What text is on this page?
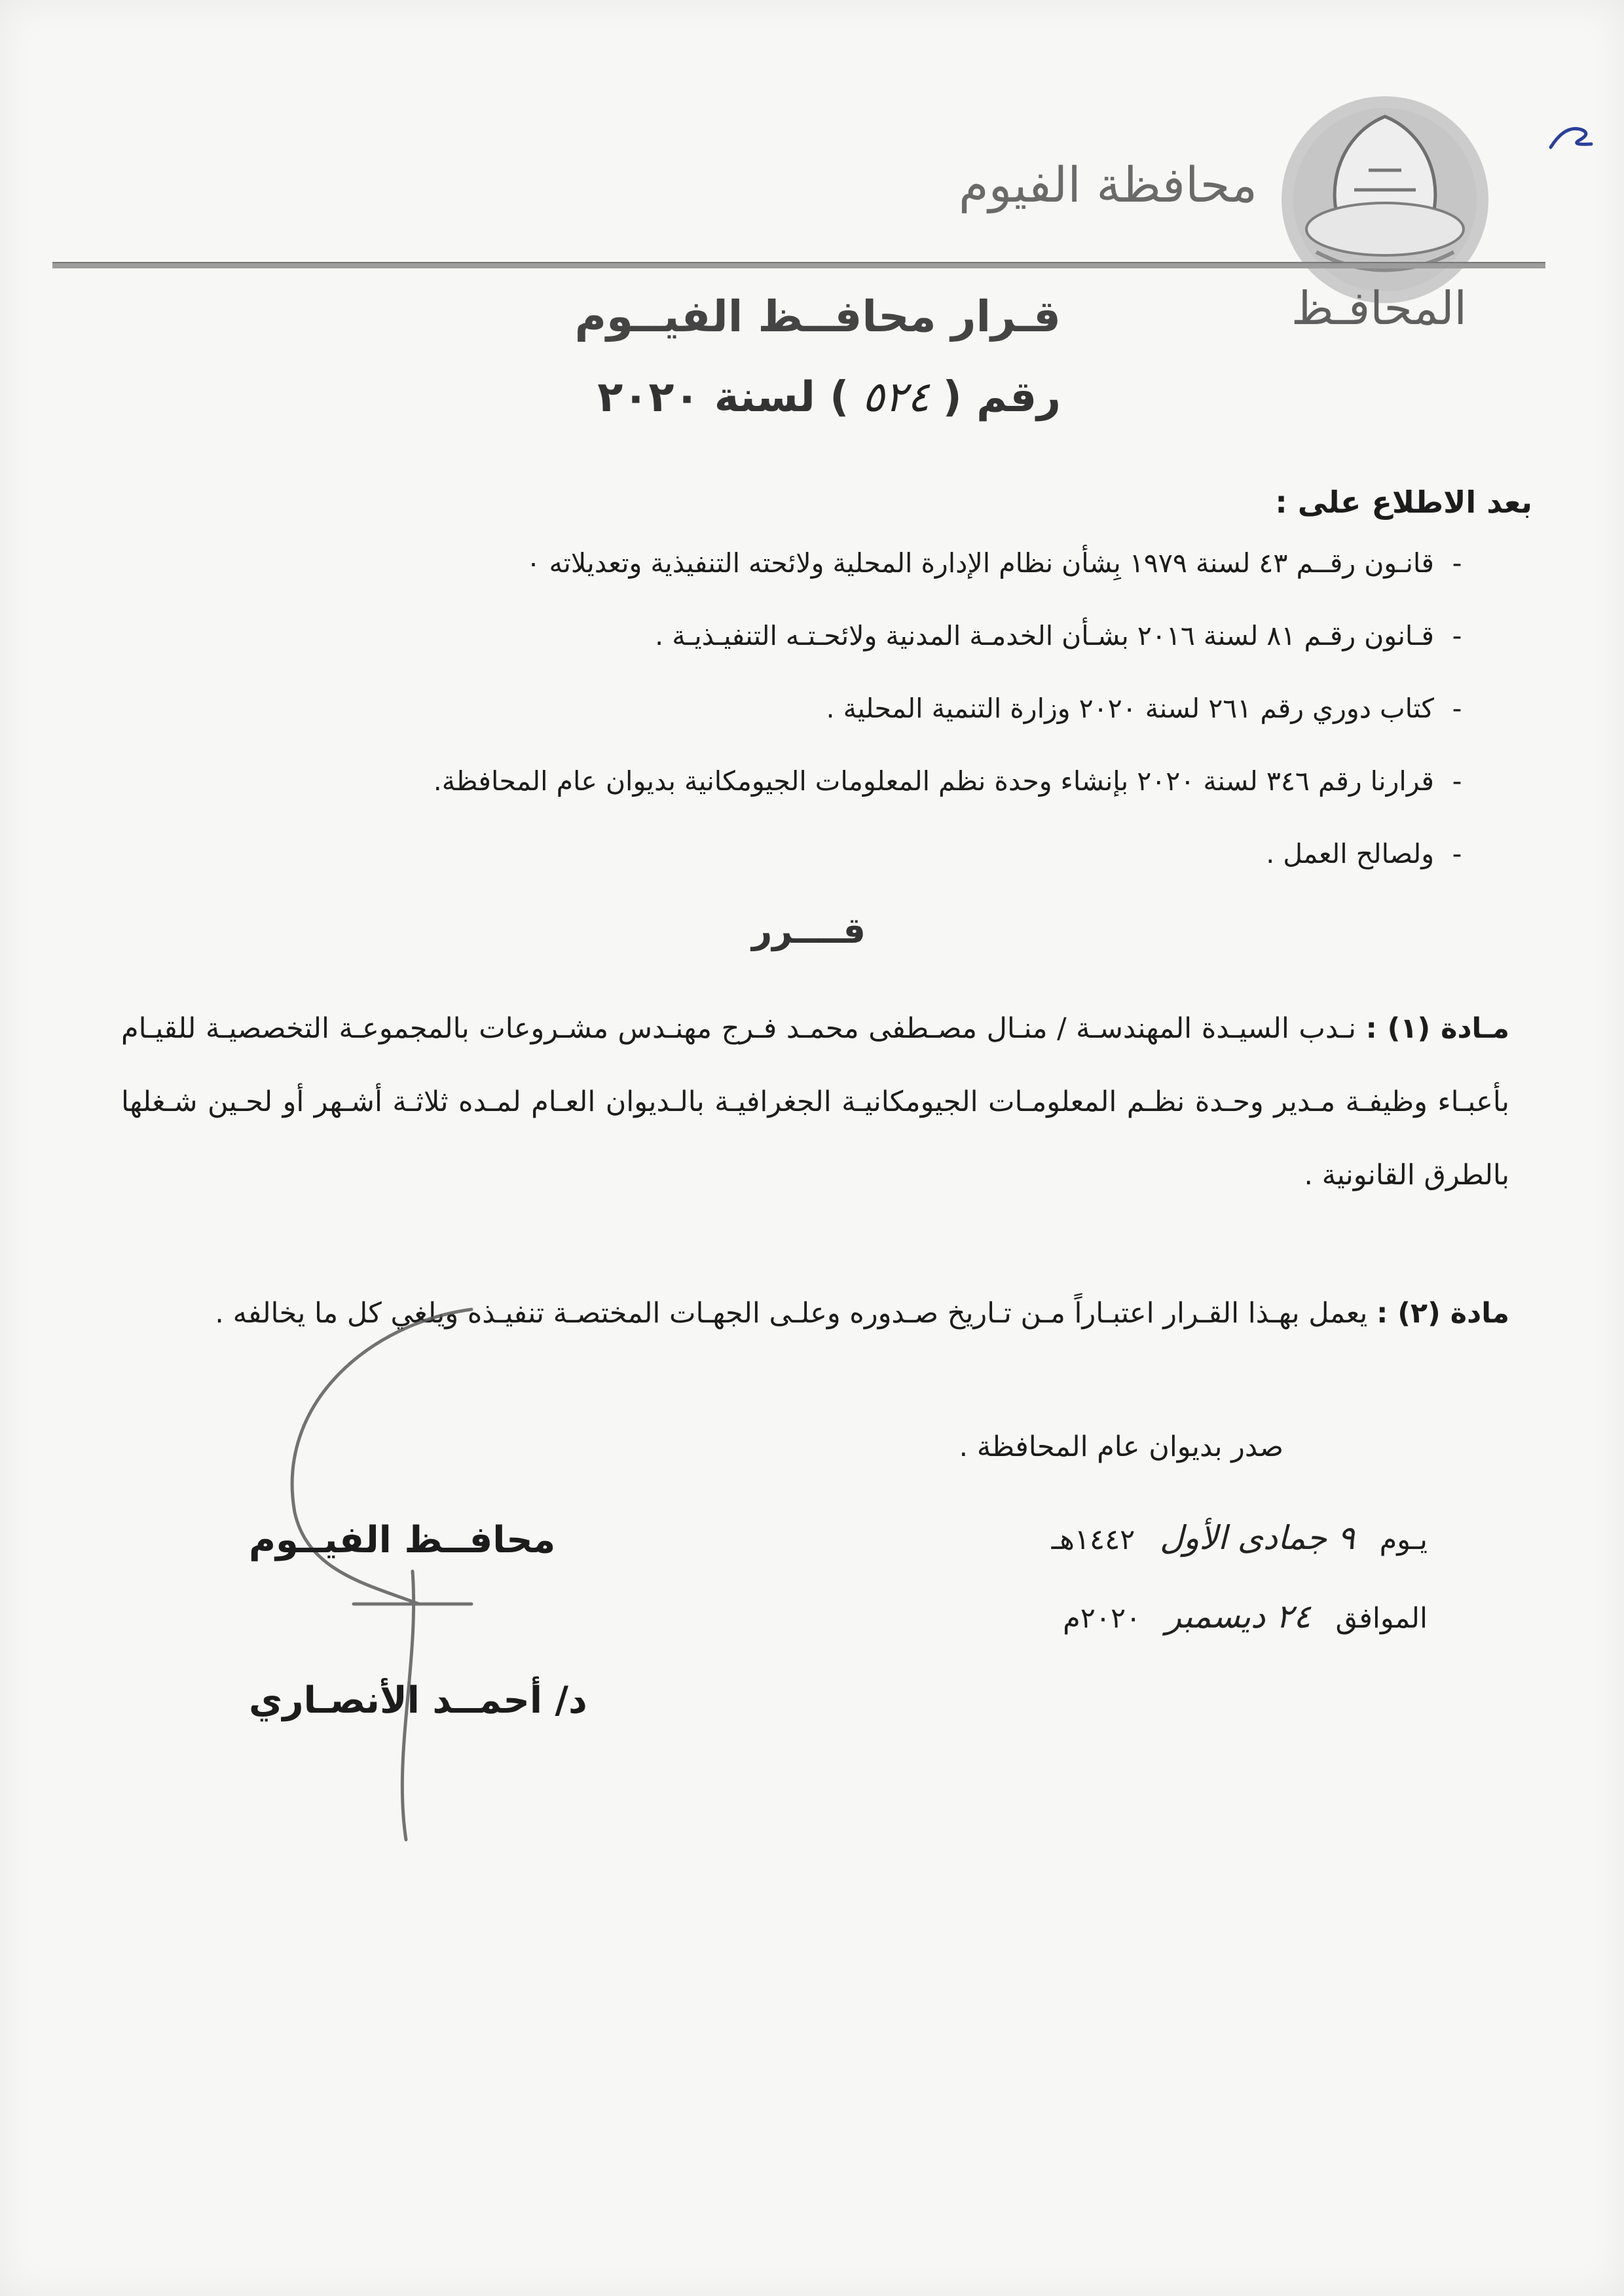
محافظة الفيوم
المحافـظ
قـرار محافــظ الفيــوم
رقم (٥٢٤) لسنة ٢٠٢٠
بعد الاطلاع على :
-قانـون رقــم ٤٣ لسنة ١٩٧٩ بِشأن نظام الإدارة المحلية ولائحته التنفيذية وتعديلاته ٠
-قـانون رقـم ٨١ لسنة ٢٠١٦ بشـأن الخدمـة المدنية ولائحـتـه التنفيـذيـة .
-كتاب دوري رقم ٢٦١ لسنة ٢٠٢٠ وزارة التنمية المحلية .
-قرارنا رقم ٣٤٦ لسنة ٢٠٢٠ بإنشاء وحدة نظم المعلومات الجيومكانية بديوان عام المحافظة.
-ولصالح العمل .
قــــرر
مـادة (١) : نـدب السيـدة المهندسـة / منـال مصـطفى محمـد فـرج مهنـدس مشـروعات بالمجموعـة التخصصيـة للقيـام بأعبـاء وظيفـة مـدير وحـدة نظـم المعلومـات الجيومكانيـة الجغرافيـة بالـديوان العـام لمـده ثلاثـة أشـهر أو لحـين شـغلها بالطرق القانونية .
مادة (٢) : يعمل بهـذا القـرار اعتبـاراً مـن تـاريخ صـدوره وعلـى الجهـات المختصـة تنفيـذه ويلغي كل ما يخالفه .
صدر بديوان عام المحافظة .
يـوم ٩ جمادى الأول ١٤٤٢هـ
الموافق ٢٤ ديسمبر ٢٠٢٠م
محافــظ الفيــوم
د/ أحمــد الأنصـاري
